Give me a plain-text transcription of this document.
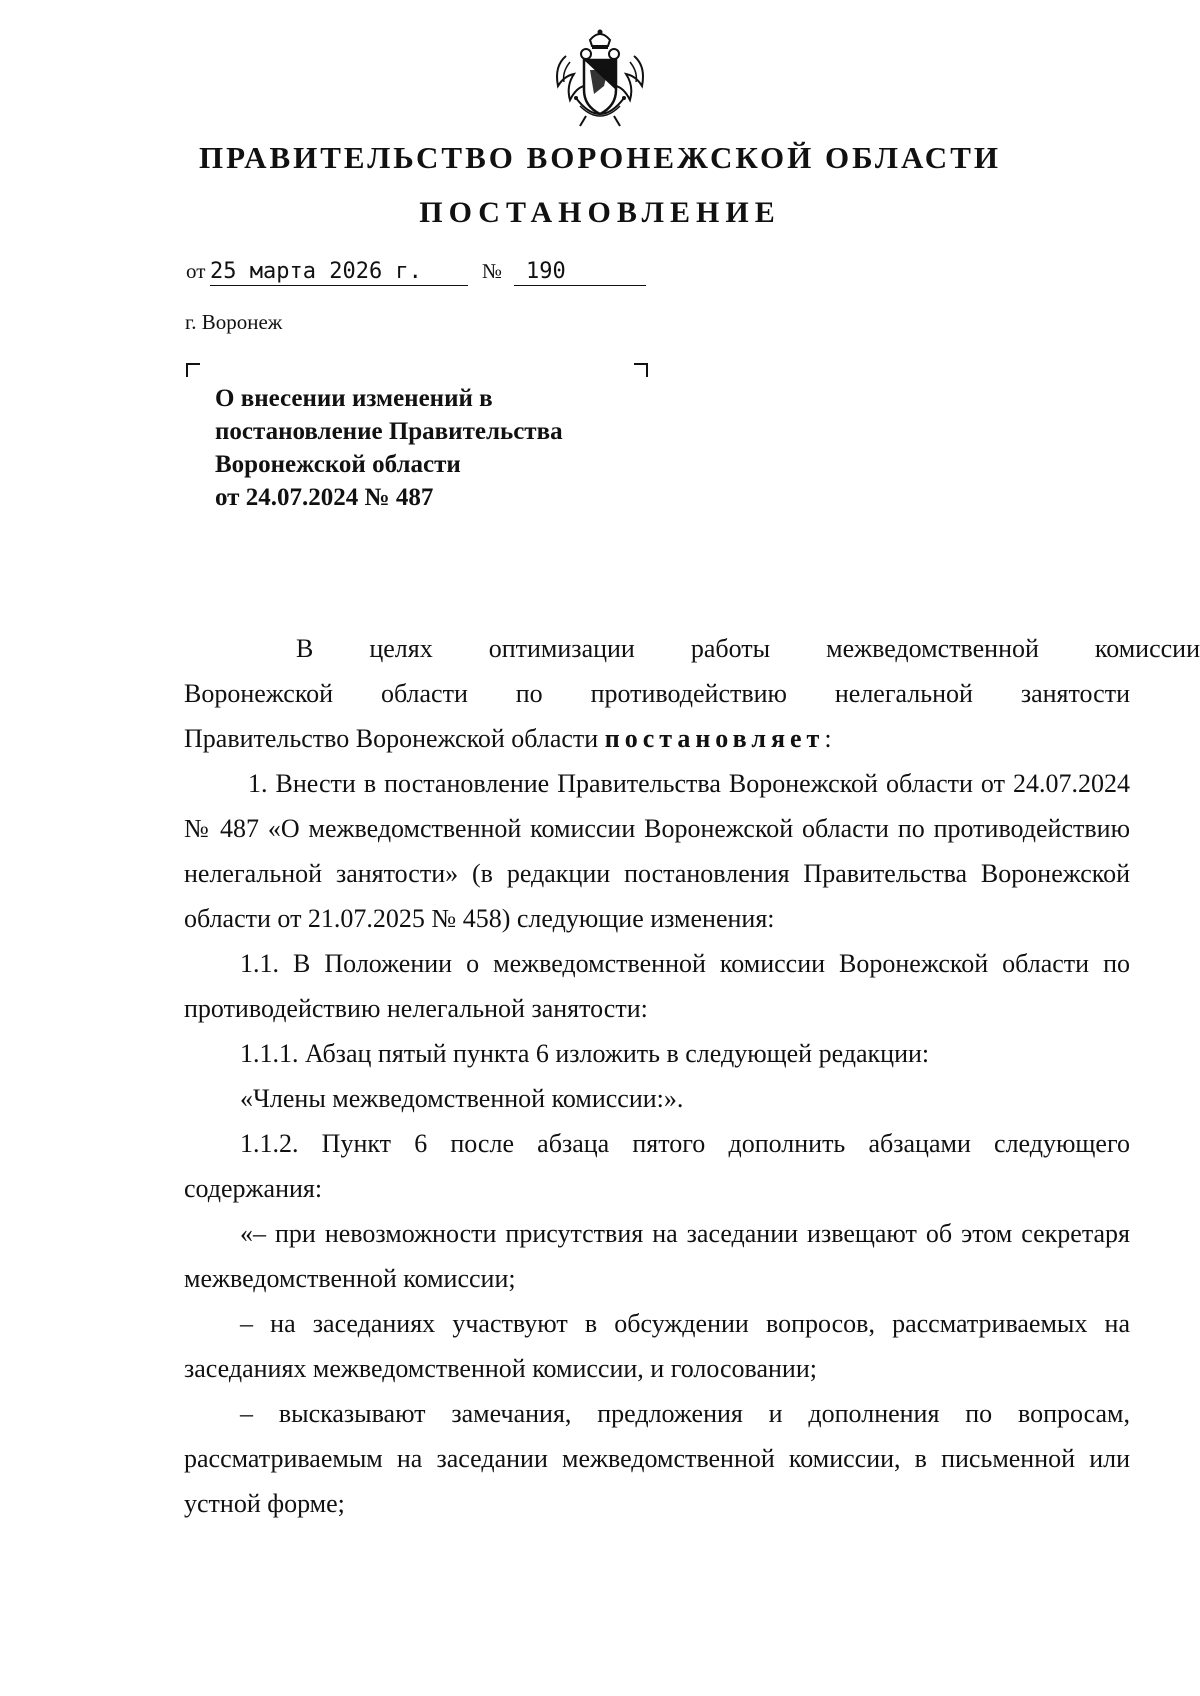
ПРАВИТЕЛЬСТВО ВОРОНЕЖСКОЙ ОБЛАСТИ
ПОСТАНОВЛЕНИЕ
от 25 марта 2026 г.	№ 190
г. Воронеж
О внесении изменений в
постановление Правительства
Воронежской области
от 24.07.2024 № 487
В	целях	оптимизации	работы	межведомственной	комиссии
Воронежской области по противодействию нелегальной занятости

Правительство Воронежской области постановляет:

1. Внести в постановление Правительства Воронежской области от 24.07.2024 № 487 «О межведомственной комиссии Воронежской области по противодействию нелегальной занятости» (в редакции постановления Правительства Воронежской области от 21.07.2025 № 458) следующие изменения:

1.1. В Положении о межведомственной комиссии Воронежской области по противодействию нелегальной занятости:

1.1.1. Абзац пятый пункта 6 изложить в следующей редакции:

«Члены межведомственной комиссии:».

1.1.2. Пункт 6 после абзаца пятого дополнить абзацами следующего содержания:

«– при невозможности присутствия на заседании извещают об этом секретаря межведомственной комиссии;

– на заседаниях участвуют в обсуждении вопросов, рассматриваемых на заседаниях межведомственной комиссии, и голосовании;

– высказывают замечания, предложения и дополнения по вопросам, рассматриваемым на заседании межведомственной комиссии, в письменной или устной форме;
